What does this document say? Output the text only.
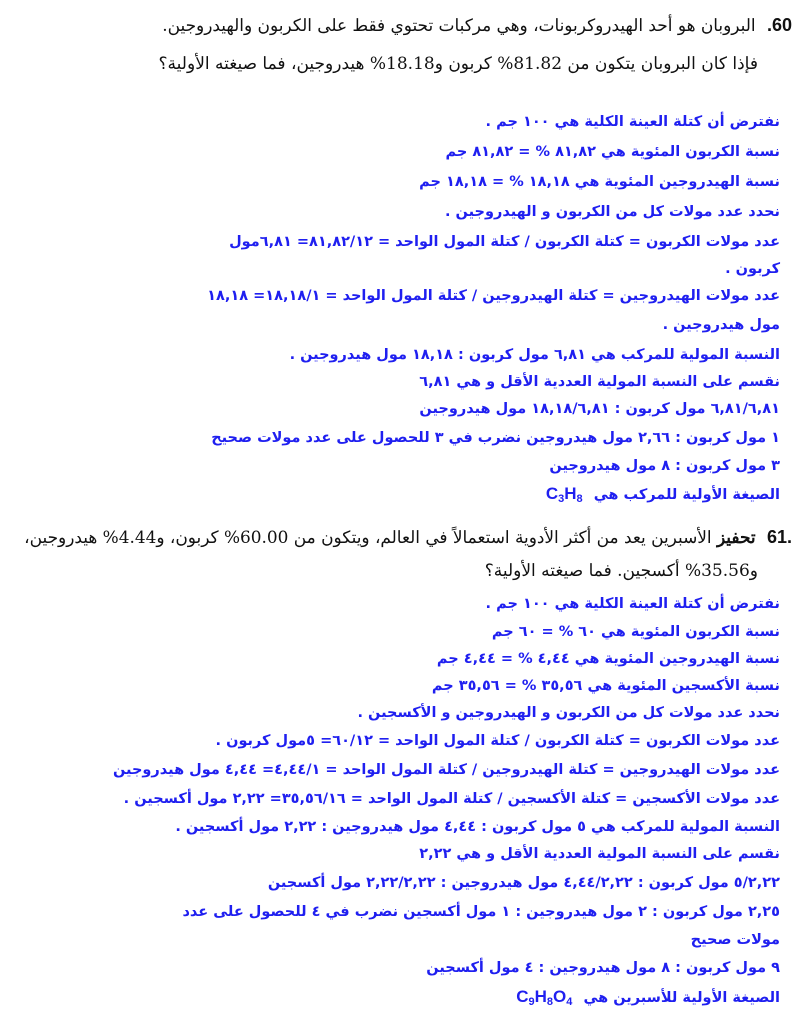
60. البروبان هو أحد الهيدروكربونات، وهي مركبات تحتوي فقط على الكربون والهيدروجين.
فإذا كان البروبان يتكون من 81.82% كربون و18.18% هيدروجين، فما صيغته الأولية؟
نفترض أن كتلة العينة الكلية هي ١٠٠ جم .
نسبة الكربون المئوية هي ٨١,٨٢ % = ٨١,٨٢ جم
نسبة الهيدروجين المئوية هي ١٨,١٨ % = ١٨,١٨ جم
نحدد عدد مولات كل من الكربون و الهيدروجين .
عدد مولات الكربون = كتلة الكربون / كتلة المول الواحد = ٨١,٨٢/١٢= ٦,٨١مول
كربون .
عدد مولات الهيدروجين = كتلة الهيدروجين / كتلة المول الواحد = ١٨,١٨/١= ١٨,١٨
مول هيدروجين .
النسبة المولية للمركب هي ٦,٨١ مول كربون : ١٨,١٨ مول هيدروجين .
نقسم على النسبة المولية العددية الأقل و هي ٦,٨١
٦,٨١/٦,٨١ مول كربون : ١٨,١٨/٦,٨١ مول هيدروجين
١ مول كربون : ٢,٦٦ مول هيدروجين نضرب في ٣ للحصول على عدد مولات صحيح
٣ مول كربون : ٨ مول هيدروجين
الصيغة الأولية للمركب هي $C_3H_8$
.61 تحفيز الأسبرين يعد من أكثر الأدوية استعمالاً في العالم، ويتكون من 60.00% كربون، و4.44% هيدروجين،
و35.56% أكسجين. فما صيغته الأولية؟
نفترض أن كتلة العينة الكلية هي ١٠٠ جم .
نسبة الكربون المئوية هي ٦٠ % = ٦٠ جم
نسبة الهيدروجين المئوية هي ٤,٤٤ % = ٤,٤٤ جم
نسبة الأكسجين المئوية هي ٣٥,٥٦ % = ٣٥,٥٦ جم
نحدد عدد مولات كل من الكربون و الهيدروجين و الأكسجين .
عدد مولات الكربون = كتلة الكربون / كتلة المول الواحد = ٦٠/١٢= ٥مول كربون .
عدد مولات الهيدروجين = كتلة الهيدروجين / كتلة المول الواحد = ٤,٤٤/١= ٤,٤٤ مول هيدروجين
عدد مولات الأكسجين = كتلة الأكسجين / كتلة المول الواحد = ٣٥,٥٦/١٦= ٢,٢٢ مول أكسجين .
النسبة المولية للمركب هي ٥ مول كربون : ٤,٤٤ مول هيدروجين : ٢,٢٢ مول أكسجين .
نقسم على النسبة المولية العددية الأقل و هي ٢,٢٢
٥/٢,٢٢ مول كربون : ٤,٤٤/٢,٢٢ مول هيدروجين : ٢,٢٢/٢,٢٢ مول أكسجين
٢,٢٥ مول كربون : ٢ مول هيدروجين : ١ مول أكسجين نضرب في ٤ للحصول على عدد
مولات صحيح
٩ مول كربون : ٨ مول هيدروجين : ٤ مول أكسجين
الصيغة الأولية للأسبرين هي $C_9H_8O_4$
